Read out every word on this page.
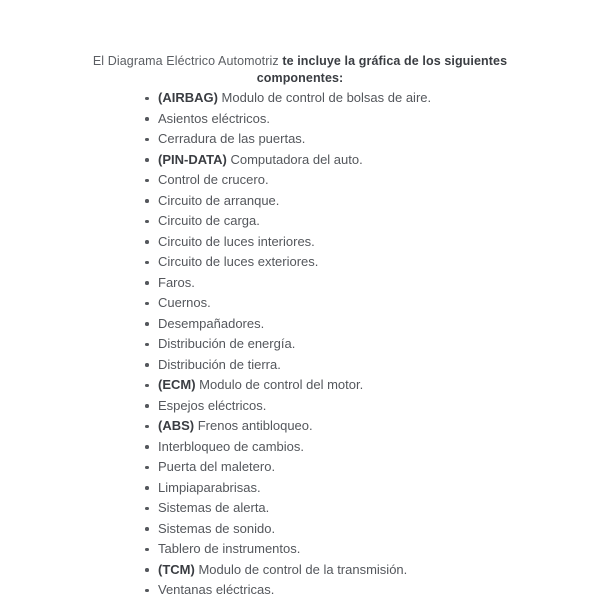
El Diagrama Eléctrico Automotriz te incluye la gráfica de los siguientes
componentes:

(AIRBAG) Modulo de control de bolsas de aire.
Asientos eléctricos.
Cerradura de las puertas.
(PIN-DATA) Computadora del auto.
Control de crucero.
Circuito de arranque.
Circuito de carga.
Circuito de luces interiores.
Circuito de luces exteriores.
Faros.
Cuernos.
Desempañadores.
Distribución de energía.
Distribución de tierra.
(ECM) Modulo de control del motor.
Espejos eléctricos.
(ABS) Frenos antibloqueo.
Interbloqueo de cambios.
Puerta del maletero.
Limpiaparabrisas.
Sistemas de alerta.
Sistemas de sonido.
Tablero de instrumentos.
(TCM) Modulo de control de la transmisión.
Ventanas eléctricas.
